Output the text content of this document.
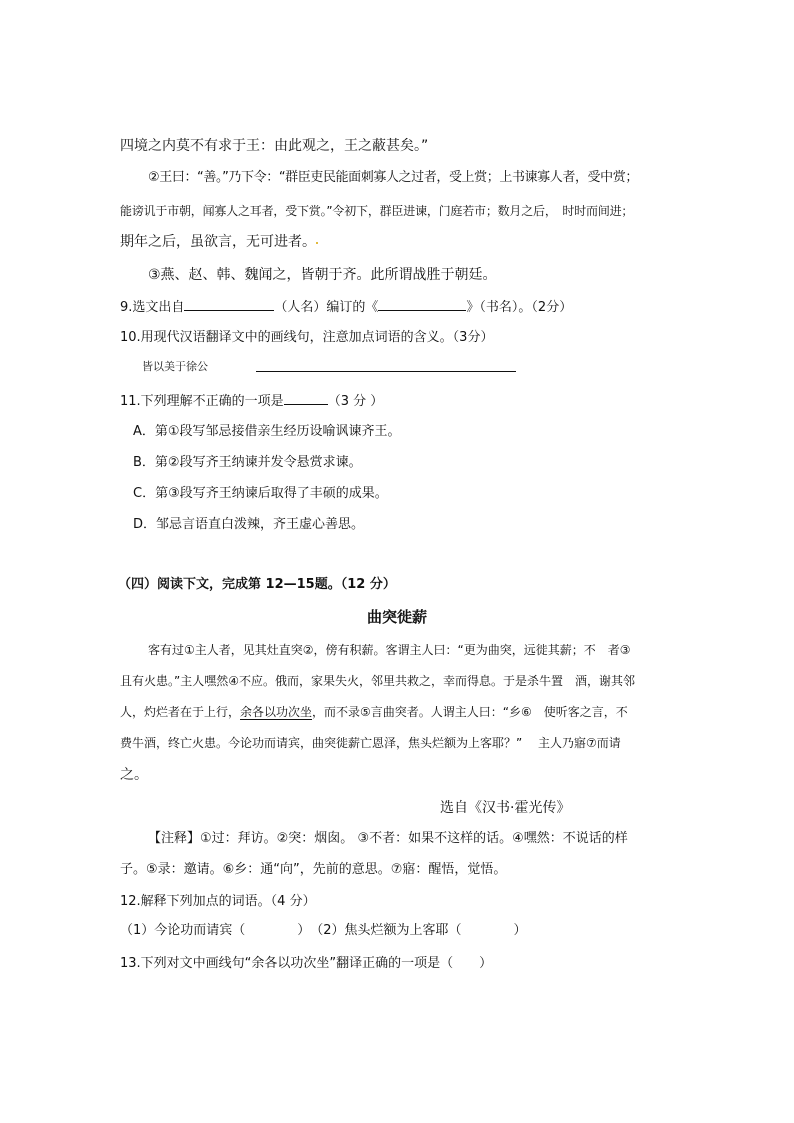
四境之内莫不有求于王：由此观之，王之蔽甚矣。”
②王曰：“善。”乃下令：“群臣吏民能面刺寡人之过者，受上赏；上书谏寡人者，受中赏；
能谤讥于市朝，闻寡人之耳者，受下赏。”令初下，群臣进谏，门庭若市；数月之后，　时时而间进；
期年之后，虽欲言，无可进者。
③燕、赵、韩、魏闻之，皆朝于齐。此所谓战胜于朝廷。
9.选文出自	（人名）编订的《	》（书名）。（2分）
10.用现代汉语翻译文中的画线句，注意加点词语的含义。（3分）
皆以美于徐公
11.下列理解不正确的一项是	（3 分 ）
A．第①段写邹忌接借亲生经历设喻讽谏齐王。
B．第②段写齐王纳谏并发令悬赏求谏。
C．第③段写齐王纳谏后取得了丰硕的成果。
D．邹忌言语直白泼辣，齐王虚心善思。
（四）阅读下文，完成第 12—15题。（12 分）
曲突徙薪
客有过①主人者，见其灶直突②，傍有积薪。客谓主人曰：“更为曲突，远徙其薪；不　者③
且有火患。”主人嘿然④不应。俄而，家果失火，邻里共救之，幸而得息。于是杀牛置　酒，谢其邻
人，灼烂者在于上行，余各以功次坐，而不录⑤言曲突者。人谓主人曰：“乡⑥　使听客之言，不
费牛酒，终亡火患。今论功而请宾，曲突徙薪亡恩泽，焦头烂额为上客耶？”　 主人乃寤⑦而请
之。
选自《汉书·霍光传》
【注释】①过：拜访。②突：烟囱。 ③不者：如果不这样的话。④嘿然：不说话的样
子。⑤录：邀请。⑥乡：通“向”，先前的意思。⑦寤：醒悟，觉悟。
12.解释下列加点的词语。（4 分）
（1）今论功而请宾（　　　　）　（2）焦头烂额为上客耶（　　　　）
13.下列对文中画线句“余各以功次坐”翻译正确的一项是（　　）
